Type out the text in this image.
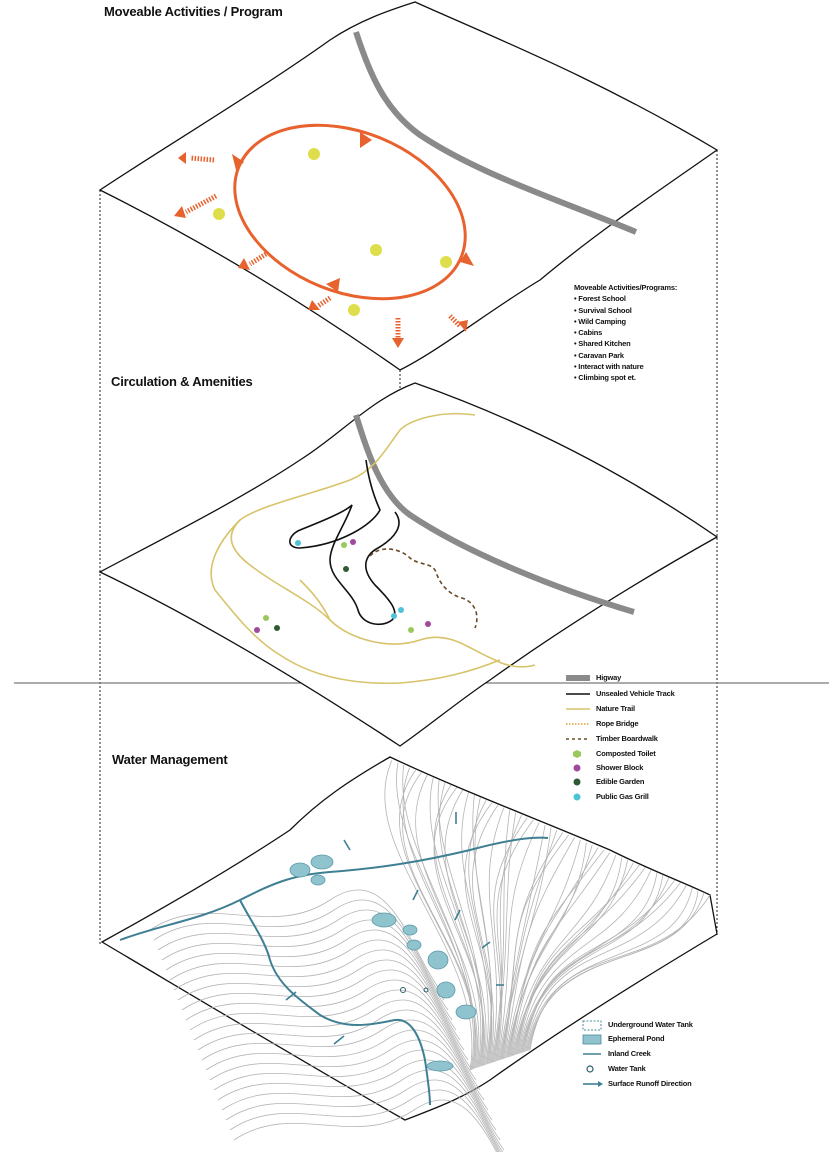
Moveable Activities / Program
Circulation & Amenities
Water Management
Moveable Activities/Programs:
• Forest School
• Survival School
• Wild Camping
• Cabins
• Shared Kitchen
• Caravan Park
• Interact with nature
• Climbing spot et.
Higway
Unsealed Vehicle Track
Nature Trail
Rope Bridge
Timber Boardwalk
Composted Toilet
Shower Block
Edible Garden
Public Gas Grill
Underground Water Tank
Ephemeral Pond
Inland Creek
Water Tank
Surface Runoff Direction
